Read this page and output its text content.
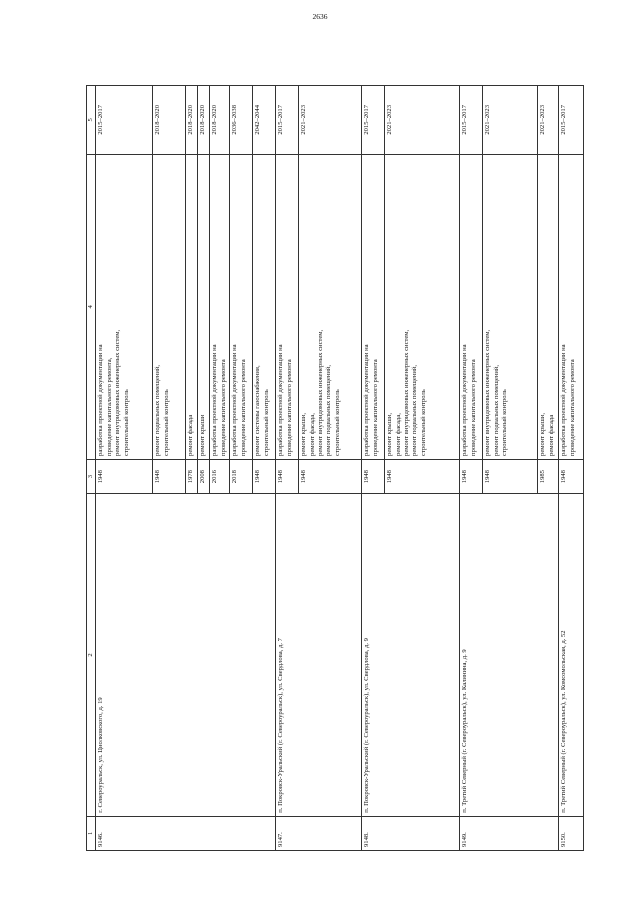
2636
1	2	3	4	5
9146.	г. Североуральск, ул. Циолковского, д. 19	1948	разработка проектной документации на проведение капитального ремонта, ремонт внутридомовых инженерных систем, строительный контроль	2015–2017
		1948	ремонт подвальных помещений, строительный контроль	2018–2020
		1978	ремонт фасада	2018–2020
		2008	ремонт крыши	2018–2020
		2016	разработка проектной документации на проведение капитального ремонта	2018–2020
		2018	разработка проектной документации на проведение капитального ремонта	2036–2038
		1948	ремонт системы газоснабжения, строительный контроль	2042–2044
9147.	п. Покровск-Уральский (г. Североуральск), ул. Свердлова, д. 7	1948	разработка проектной документации на проведение капитального ремонта	2015–2017
		1948	ремонт крыши, ремонт фасада, ремонт внутридомовых инженерных систем, ремонт подвальных помещений, строительный контроль	2021–2023
9148.	п. Покровск-Уральский (г. Североуральск), ул. Свердлова, д. 9	1948	разработка проектной документации на проведение капитального ремонта	2015–2017
		1948	ремонт крыши, ремонт фасада, ремонт внутридомовых инженерных систем, ремонт подвальных помещений, строительный контроль	2021–2023
9149.	п. Третий Северный (г. Североуральск), ул. Калинина, д. 9	1948	разработка проектной документации на проведение капитального ремонта	2015–2017
		1948	ремонт внутридомовых инженерных систем, ремонт подвальных помещений, строительный контроль	2021–2023
		1985	ремонт крыши, ремонт фасада	2021–2023
9150.	п. Третий Северный (г. Североуральск), ул. Комсомольская, д. 52	1948	разработка проектной документации на проведение капитального ремонта	2015–2017
